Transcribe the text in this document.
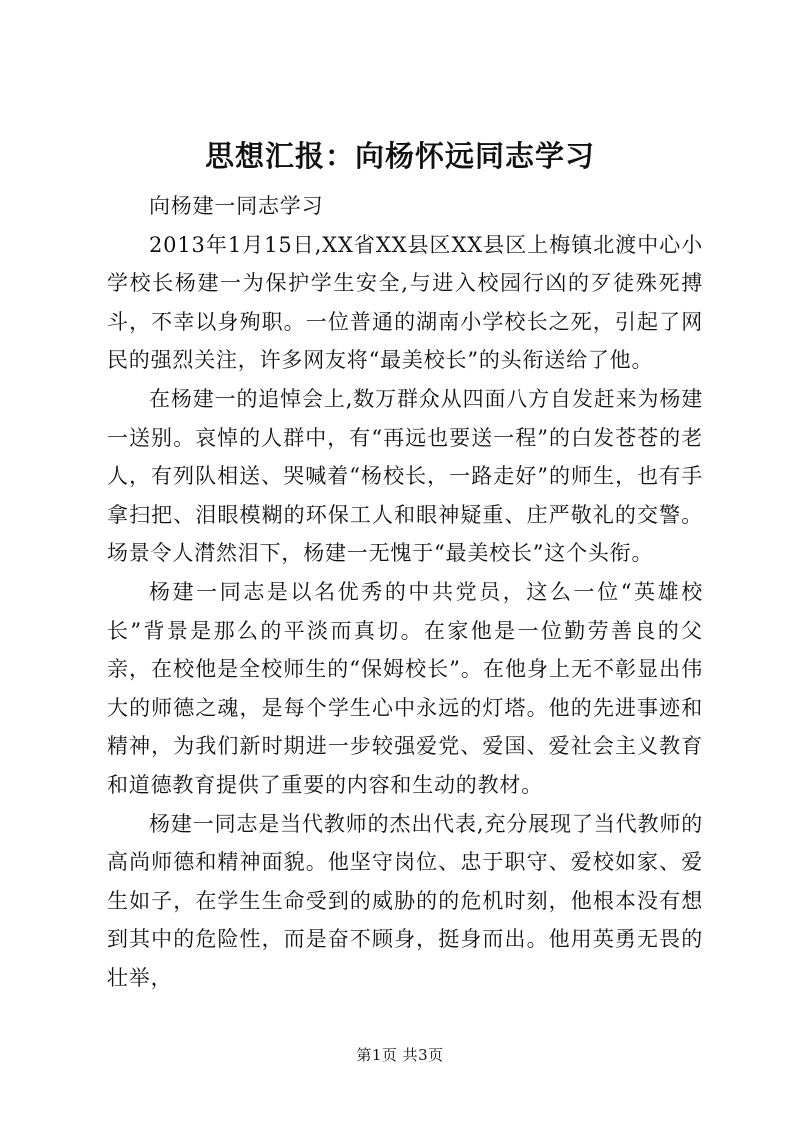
思想汇报：向杨怀远同志学习

向杨建一同志学习

2013年1月15日,XX省XX县区XX县区上梅镇北渡中心小学校长杨建一为保护学生安全,与进入校园行凶的歹徒殊死搏斗，不幸以身殉职。一位普通的湖南小学校长之死，引起了网民的强烈关注，许多网友将“最美校长”的头衔送给了他。

在杨建一的追悼会上,数万群众从四面八方自发赶来为杨建一送别。哀悼的人群中，有“再远也要送一程”的白发苍苍的老人，有列队相送、哭喊着“杨校长，一路走好”的师生，也有手拿扫把、泪眼模糊的环保工人和眼神疑重、庄严敬礼的交警。场景令人潸然泪下，杨建一无愧于“最美校长”这个头衔。

杨建一同志是以名优秀的中共党员，这么一位“英雄校长”背景是那么的平淡而真切。在家他是一位勤劳善良的父亲，在校他是全校师生的“保姆校长”。在他身上无不彰显出伟大的师德之魂，是每个学生心中永远的灯塔。他的先进事迹和精神，为我们新时期进一步较强爱党、爱国、爱社会主义教育和道德教育提供了重要的内容和生动的教材。

杨建一同志是当代教师的杰出代表,充分展现了当代教师的高尚师德和精神面貌。他坚守岗位、忠于职守、爱校如家、爱生如子，在学生生命受到的威胁的的危机时刻，他根本没有想到其中的危险性，而是奋不顾身，挺身而出。他用英勇无畏的壮举，

第1页 共3页
